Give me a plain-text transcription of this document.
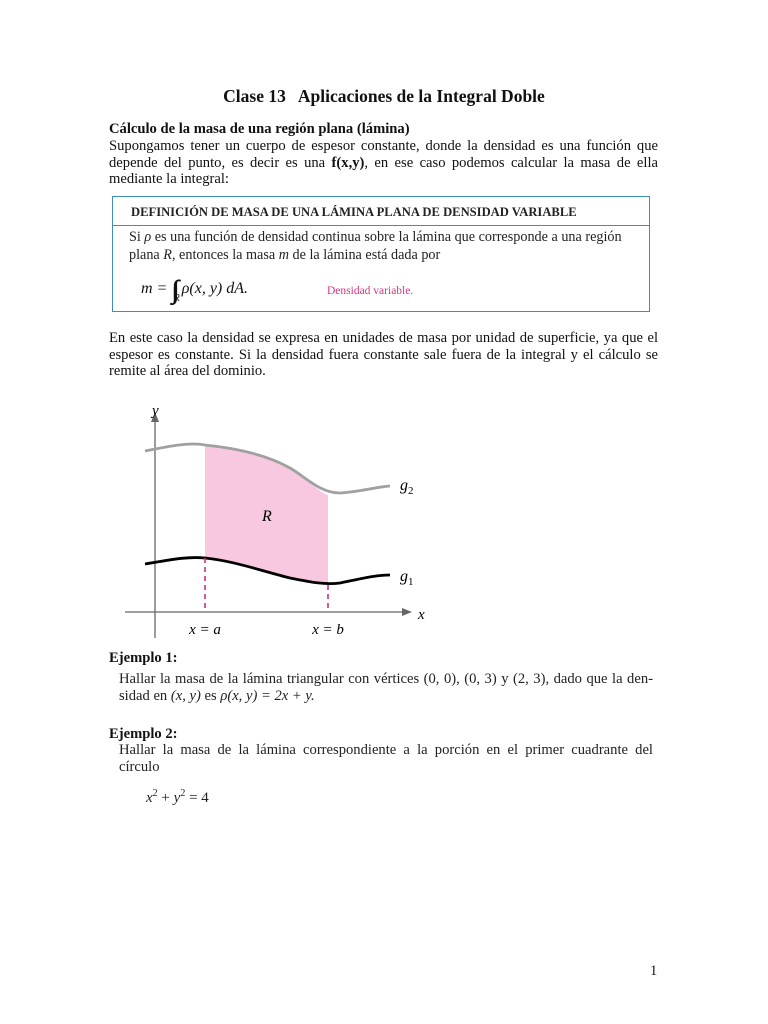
Clase 13 Aplicaciones de la Integral Doble
Cálculo de la masa de una región plana (lámina)
Supongamos tener un cuerpo de espesor constante, donde la densidad es una función que depende del punto, es decir es una f(x,y), en ese caso podemos calcular la masa de ella mediante la integral:
DEFINICIÓN DE MASA DE UNA LÁMINA PLANA DE DENSIDAD VARIABLE
Si ρ es una función de densidad continua sobre la lámina que corresponde a una región plana R, entonces la masa m de la lámina está dada por
$m = \int\int_R\rho(x$, y) dA.	Densidad variable.
En este caso la densidad se expresa en unidades de masa por unidad de superficie, ya que el espesor es constante. Si la densidad fuera constante sale fuera de la integral y el cálculo se remite al área del dominio.
y
x
R
$g_2$
$g_1$
x = a	x = b
Ejemplo 1:
Hallar la masa de la lámina triangular con vértices (0, 0), (0, 3) y (2, 3), dado que la den-
sidad en (x, y) es ρ(x, y) = 2x + y.
Ejemplo 2:
Hallar la masa de la lámina correspondiente a la porción en el primer cuadrante del
círculo
$x^2 + y^2 = 4$
1
